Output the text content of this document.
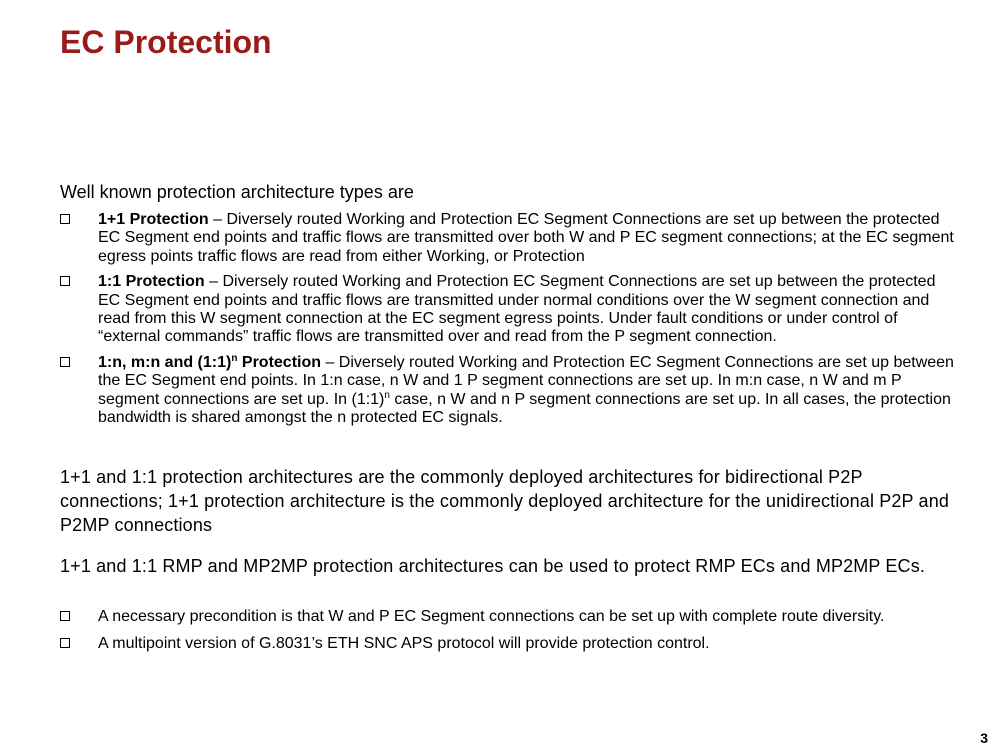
EC Protection

Well known protection architecture types are

1+1 Protection – Diversely routed Working and Protection EC Segment Connections are set up between the protected EC Segment end points and traffic flows are transmitted over both W and P EC segment connections; at the EC segment egress points traffic flows are read from either Working, or Protection
1:1 Protection – Diversely routed Working and Protection EC Segment Connections are set up between the protected EC Segment end points and traffic flows are transmitted under normal conditions over the W segment connection and read from this W segment connection at the EC segment egress points. Under fault conditions or under control of “external commands” traffic flows are transmitted over and read from the P segment connection.
1:n, m:n and (1:1)$^n$ Protection – Diversely routed Working and Protection EC Segment Connections are set up between the EC Segment end points. In 1:n case, n W and 1 P segment connections are set up. In m:n case, n W and m P segment connections are set up. In (1:1)$^n$ case, n W and n P segment connections are set up. In all cases, the protection bandwidth is shared amongst the n protected EC signals.

1+1 and 1:1 protection architectures are the commonly deployed architectures for bidirectional P2P connections; 1+1 protection architecture is the commonly deployed architecture for the unidirectional P2P and P2MP connections

1+1 and 1:1 RMP and MP2MP protection architectures can be used to protect RMP ECs and MP2MP ECs.

A necessary precondition is that W and P EC Segment connections can be set up with complete route diversity.
A multipoint version of G.8031’s ETH SNC APS protocol will provide protection control.
3
